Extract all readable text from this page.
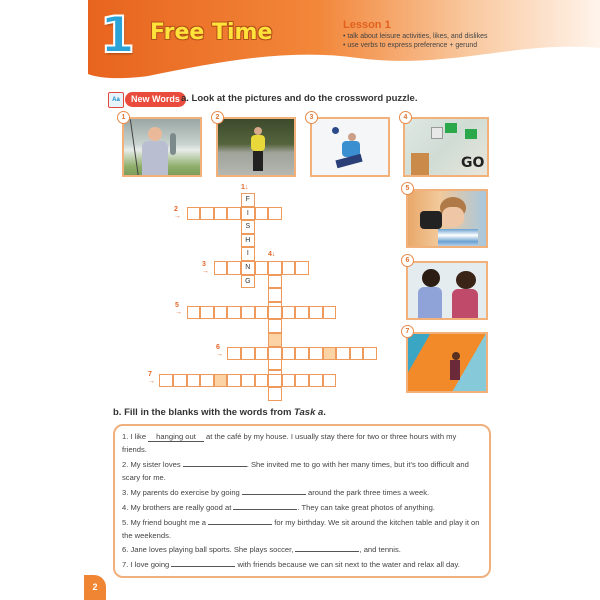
1 Free Time	Lesson 1
• talk about leisure activities, likes, and dislikes
• use verbs to express preference + gerund
Aa	New Words a. Look at the pictures and do the crossword puzzle.
GO
1	2	3	4
5
6
7
F
I
S
H
I
N
G
1↓
2
→
3
→
4↓
5
→
6
→
7
→
b. Fill in the blanks with the words from Task a.
1. I like hanging out at the café by my house. I usually stay there for two or three hours with my friends.
2. My sister loves	. She invited me to go with her many times, but it's too difficult and scary for me.
3. My parents do exercise by going	around the park three times a week.
4. My brothers are really good at	. They can take great photos of anything.
5. My friend bought me a	for my birthday. We sit around the kitchen table and play it on the weekends.
6. Jane loves playing ball sports. She plays soccer,	, and tennis.
7. I love going	with friends because we can sit next to the water and relax all day.
2
